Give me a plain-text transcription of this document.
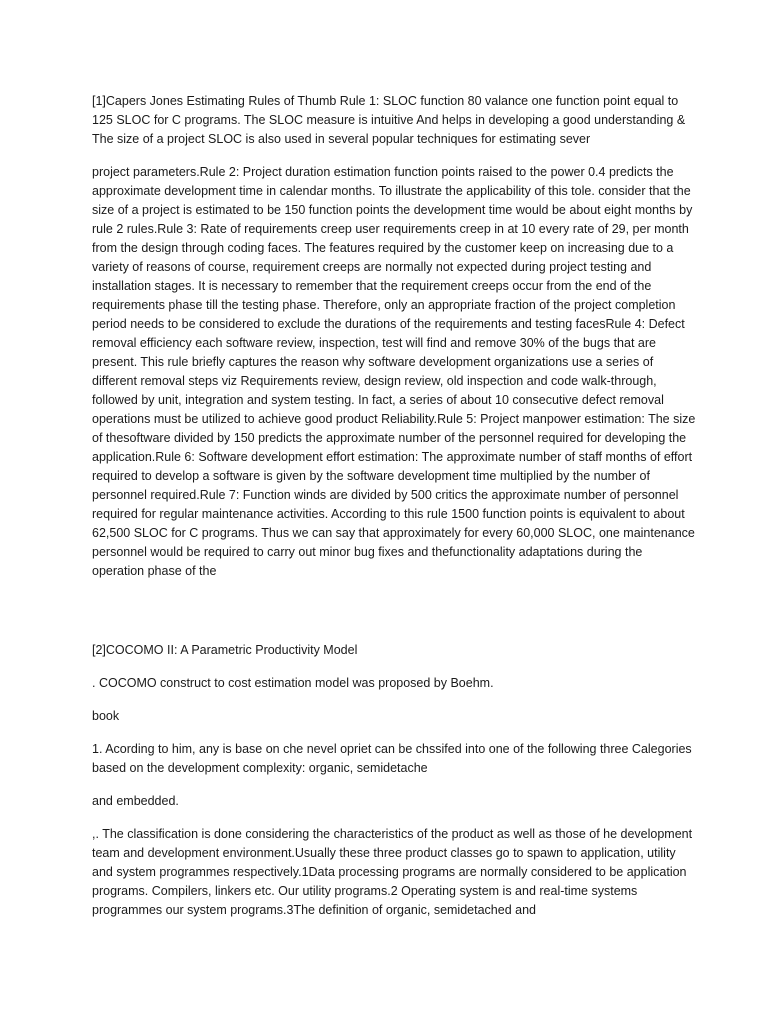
[1]Capers Jones Estimating Rules of Thumb Rule 1: SLOC function 80 valance one function point equal to 125 SLOC for C programs. The SLOC measure is intuitive And helps in developing a good understanding & The size of a project SLOC is also used in several popular techniques for estimating sever

project parameters.Rule 2: Project duration estimation function points raised to the power 0.4 predicts the approximate development time in calendar months. To illustrate the applicability of this tole. consider that the size of a project is estimated to be 150 function points the development time would be about eight months by rule 2 rules.Rule 3: Rate of requirements creep user requirements creep in at 10 every rate of 29, per month from the design through coding faces. The features required by the customer keep on increasing due to a variety of reasons of course, requirement creeps are normally not expected during project testing and installation stages. It is necessary to remember that the requirement creeps occur from the end of the requirements phase till the testing phase. Therefore, only an appropriate fraction of the project completion period needs to be considered to exclude the durations of the requirements and testing facesRule 4: Defect removal efficiency each software review, inspection, test will find and remove 30% of the bugs that are present. This rule briefly captures the reason why software development organizations use a series of different removal steps viz Requirements review, design review, old inspection and code walk-through, followed by unit, integration and system testing. In fact, a series of about 10 consecutive defect removal operations must be utilized to achieve good product Reliability.Rule 5: Project manpower estimation: The size of thesoftware divided by 150 predicts the approximate number of the personnel required for developing the application.Rule 6: Software development effort estimation: The approximate number of staff months of effort required to develop a software is given by the software development time multiplied by the number of personnel required.Rule 7: Function winds are divided by 500 critics the approximate number of personnel required for regular maintenance activities. According to this rule 1500 function points is equivalent to about 62,500 SLOC for C programs. Thus we can say that approximately for every 60,000 SLOC, one maintenance personnel would be required to carry out minor bug fixes and thefunctionality adaptations during the operation phase of the

[2]COCOMO II: A Parametric Productivity Model

. COCOMO construct to cost estimation model was proposed by Boehm.

book

1. Acording to him, any is base on che nevel opriet can be chssifed into one of the following three Calegories based on the development complexity: organic, semidetache

and embedded.

,. The classification is done considering the characteristics of the product as well as those of he development team and development environment.Usually these three product classes go to spawn to application, utility and system programmes respectively.1Data processing programs are normally considered to be application programs. Compilers, linkers etc. Our utility programs.2 Operating system is and real-time systems programmes our system programs.3The definition of organic, semidetached and
